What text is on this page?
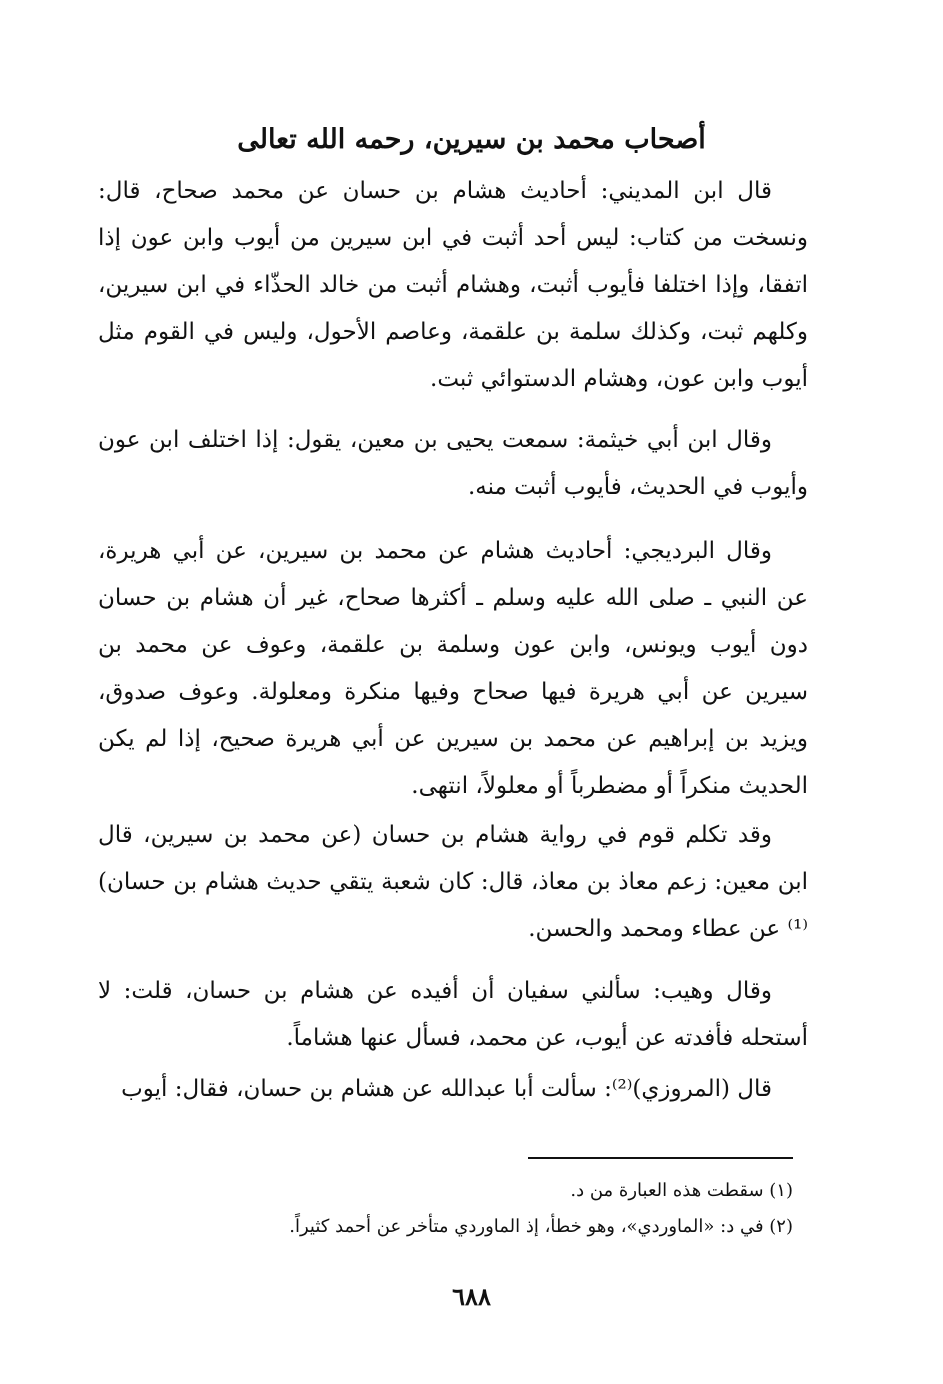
أصحاب محمد بن سيرين، رحمه الله تعالى

قال ابن المديني: أحاديث هشام بن حسان عن محمد صحاح، قال: ونسخت من كتاب: ليس أحد أثبت في ابن سيرين من أيوب وابن عون إذا اتفقا، وإذا اختلفا فأيوب أثبت، وهشام أثبت من خالد الحذّاء في ابن سيرين، وكلهم ثبت، وكذلك سلمة بن علقمة، وعاصم الأحول، وليس في القوم مثل أيوب وابن عون، وهشام الدستوائي ثبت.

وقال ابن أبي خيثمة: سمعت يحيى بن معين، يقول: إذا اختلف ابن عون وأيوب في الحديث، فأيوب أثبت منه.

وقال البرديجي: أحاديث هشام عن محمد بن سيرين، عن أبي هريرة، عن النبي ـ صلى الله عليه وسلم ـ أكثرها صحاح، غير أن هشام بن حسان دون أيوب ويونس، وابن عون وسلمة بن علقمة، وعوف عن محمد بن سيرين عن أبي هريرة فيها صحاح وفيها منكرة ومعلولة. وعوف صدوق، ويزيد بن إبراهيم عن محمد بن سيرين عن أبي هريرة صحيح، إذا لم يكن الحديث منكراً أو مضطرباً أو معلولاً، انتهى.

وقد تكلم قوم في رواية هشام بن حسان (عن محمد بن سيرين، قال ابن معين: زعم معاذ بن معاذ، قال: كان شعبة يتقي حديث هشام بن حسان)⁽¹⁾ عن عطاء ومحمد والحسن.

وقال وهيب: سألني سفيان أن أفيده عن هشام بن حسان، قلت: لا أستحله فأفدته عن أيوب، عن محمد، فسأل عنها هشاماً.

قال (المروزي)⁽²⁾: سألت أبا عبدالله عن هشام بن حسان، فقال: أيوب

(١) سقطت هذه العبارة من د.
(٢) في د: «الماوردي»، وهو خطأ، إذ الماوردي متأخر عن أحمد كثيراً.
٦٨٨
